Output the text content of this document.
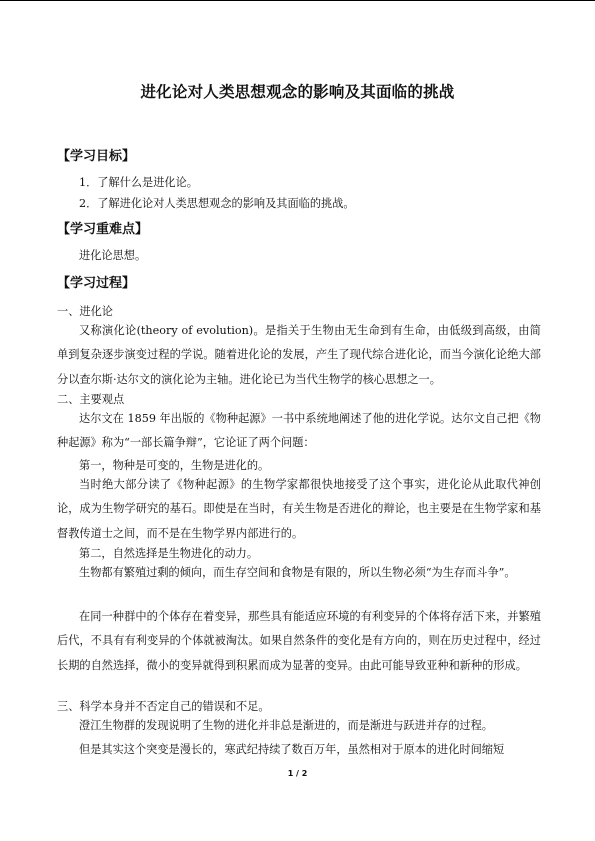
进化论对人类思想观念的影响及其面临的挑战
【学习目标】
1．了解什么是进化论。
2．了解进化论对人类思想观念的影响及其面临的挑战。
【学习重难点】
进化论思想。
【学习过程】
一、进化论

又称演化论(theory of evolution)。是指关于生物由无生命到有生命，由低级到高级，由简单到复杂逐步演变过程的学说。随着进化论的发展，产生了现代综合进化论，而当今演化论绝大部分以查尔斯·达尔文的演化论为主轴。进化论已为当代生物学的核心思想之一。

二、主要观点

达尔文在 1859 年出版的《物种起源》一书中系统地阐述了他的进化学说。达尔文自己把《物种起源》称为“一部长篇争辩”，它论证了两个问题：

第一，物种是可变的，生物是进化的。

当时绝大部分读了《物种起源》的生物学家都很快地接受了这个事实，进化论从此取代神创论，成为生物学研究的基石。即使是在当时，有关生物是否进化的辩论，也主要是在生物学家和基督教传道士之间，而不是在生物学界内部进行的。

第二，自然选择是生物进化的动力。

生物都有繁殖过剩的倾向，而生存空间和食物是有限的，所以生物必须“为生存而斗争”。

在同一种群中的个体存在着变异，那些具有能适应环境的有利变异的个体将存活下来，并繁殖后代，不具有有利变异的个体就被淘汰。如果自然条件的变化是有方向的，则在历史过程中，经过长期的自然选择，微小的变异就得到积累而成为显著的变异。由此可能导致亚种和新种的形成。

三、科学本身并不否定自己的错误和不足。

澄江生物群的发现说明了生物的进化并非总是渐进的，而是渐进与跃进并存的过程。

但是其实这个突变是漫长的，寒武纪持续了数百万年，虽然相对于原本的进化时间缩短

1 / 2
